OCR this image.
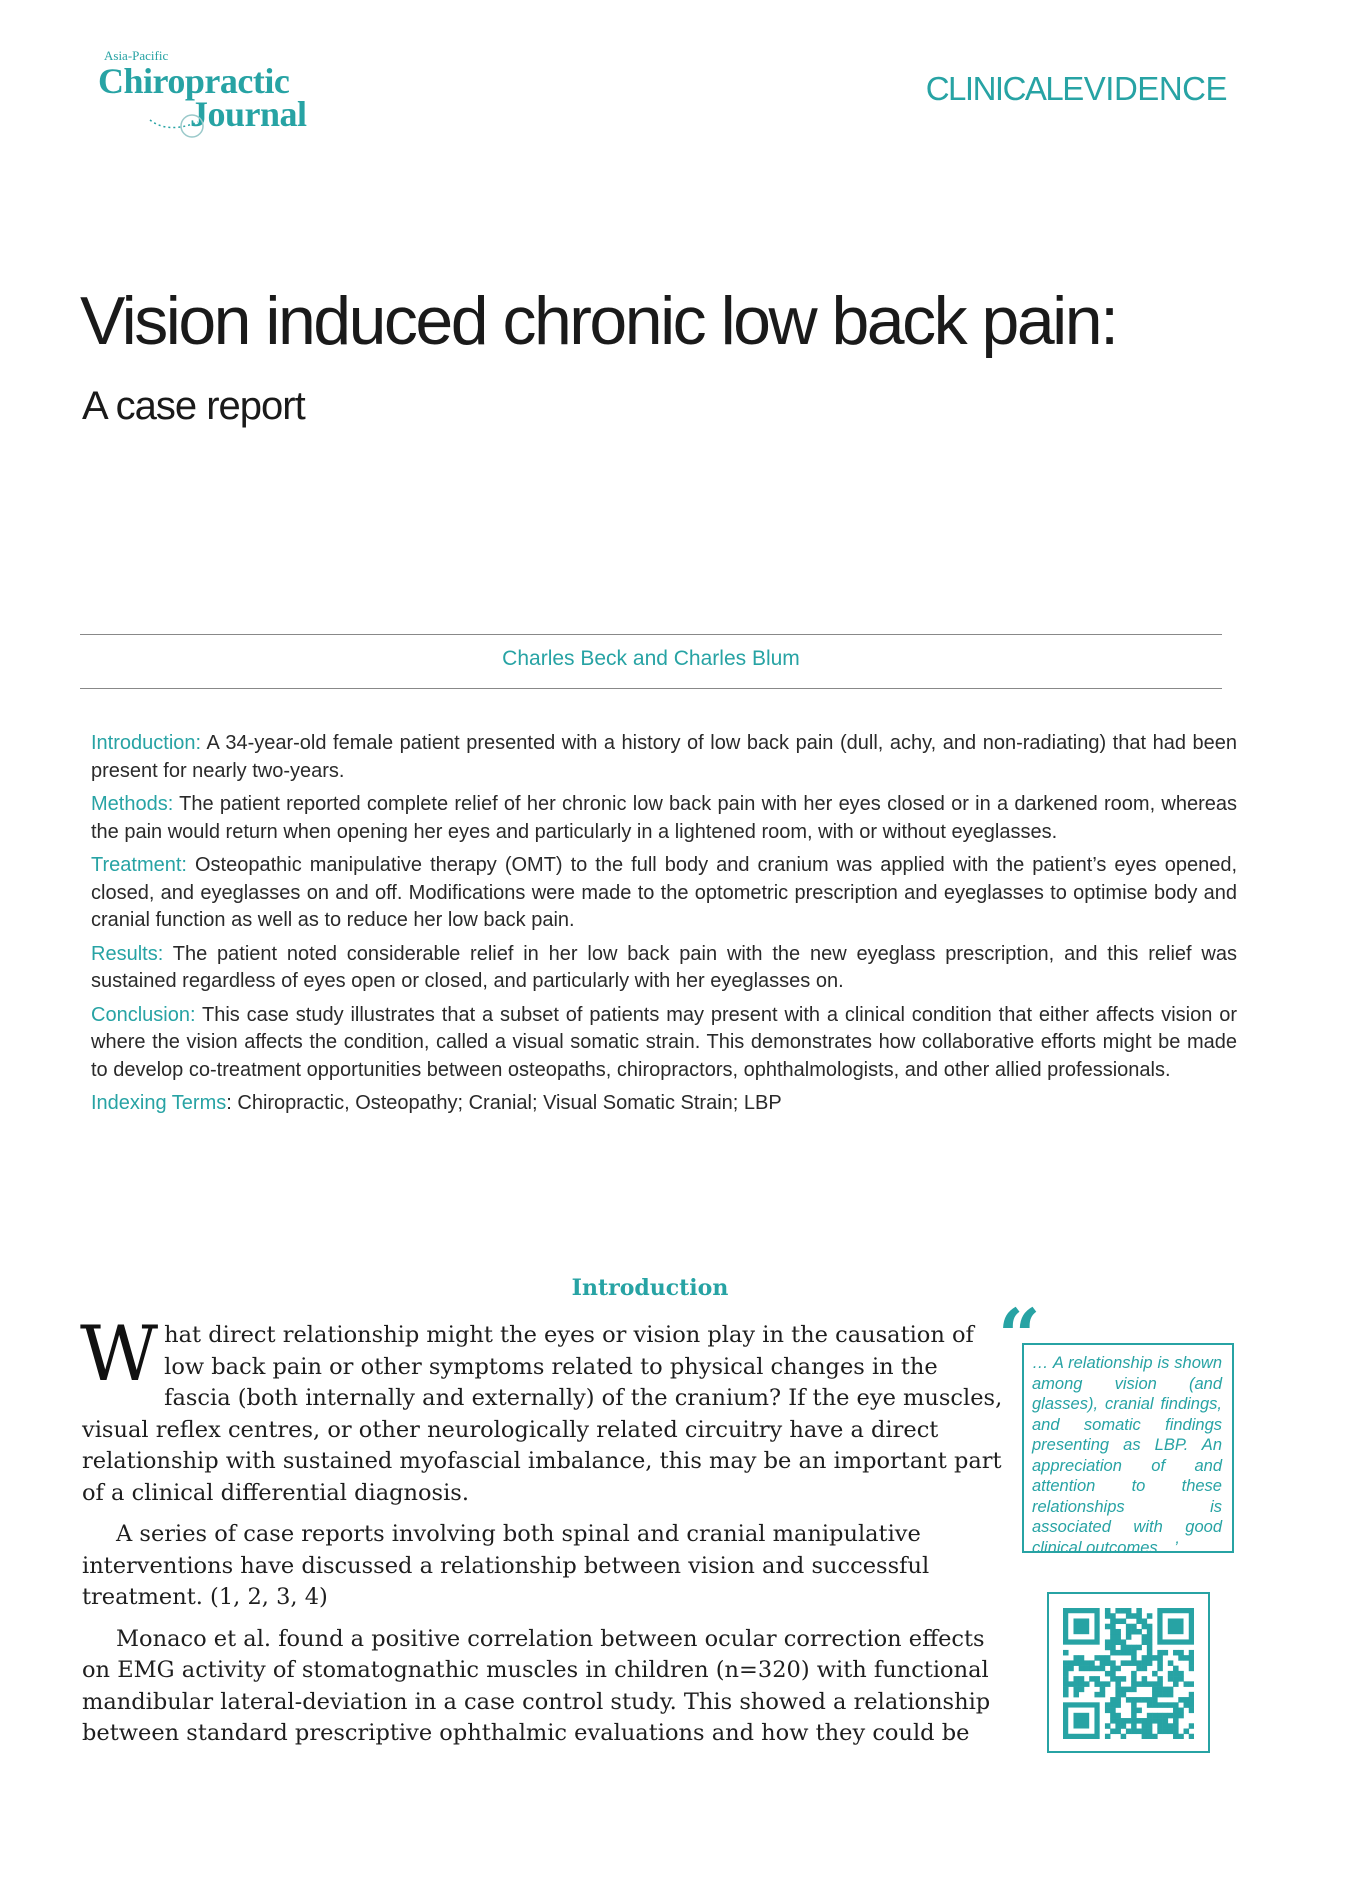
Asia-Pacific
Chiropractic
Journal
CLINICALEVIDENCE
Vision induced chronic low back pain:
A case report
Charles Beck and Charles Blum

Introduction: A 34-year-old female patient presented with a history of low back pain (dull, achy, and non-radiating) that had been present for nearly two-years.

Methods: The patient reported complete relief of her chronic low back pain with her eyes closed or in a darkened room, whereas the pain would return when opening her eyes and particularly in a lightened room, with or without eyeglasses.

Treatment: Osteopathic manipulative therapy (OMT) to the full body and cranium was applied with the patient’s eyes opened, closed, and eyeglasses on and off. Modifications were made to the optometric prescription and eyeglasses to optimise body and cranial function as well as to reduce her low back pain.

Results: The patient noted considerable relief in her low back pain with the new eyeglass prescription, and this relief was sustained regardless of eyes open or closed, and particularly with her eyeglasses on.

Conclusion: This case study illustrates that a subset of patients may present with a clinical condition that either affects vision or where the vision affects the condition, called a visual somatic strain. This demonstrates how collaborative efforts might be made to develop co-treatment opportunities between osteopaths, chiropractors, ophthalmologists, and other allied professionals.

Indexing Terms: Chiropractic, Osteopathy; Cranial; Visual Somatic Strain; LBP

Introduction

What direct relationship might the eyes or vision play in the causation of low back pain or other symptoms related to physical changes in the fascia (both internally and externally) of the cranium? If the eye muscles, visual reflex centres, or other neurologically related circuitry have a direct relationship with sustained myofascial imbalance, this may be an important part of a clinical differential diagnosis.

A series of case reports involving both spinal and cranial manipulative interventions have discussed a relationship between vision and successful treatment. (1, 2, 3, 4)

Monaco et al. found a positive correlation between ocular correction effects on EMG activity of stomatognathic muscles in children (n=320) with functional mandibular lateral-deviation in a case control study. This showed a relationship between standard prescriptive ophthalmic evaluations and how they could be

“
… A relationship is shown among vision (and glasses), cranial findings, and somatic findings presenting as LBP. An appreciation of and attention to these relationships is associated with good clinical outcomes…’
